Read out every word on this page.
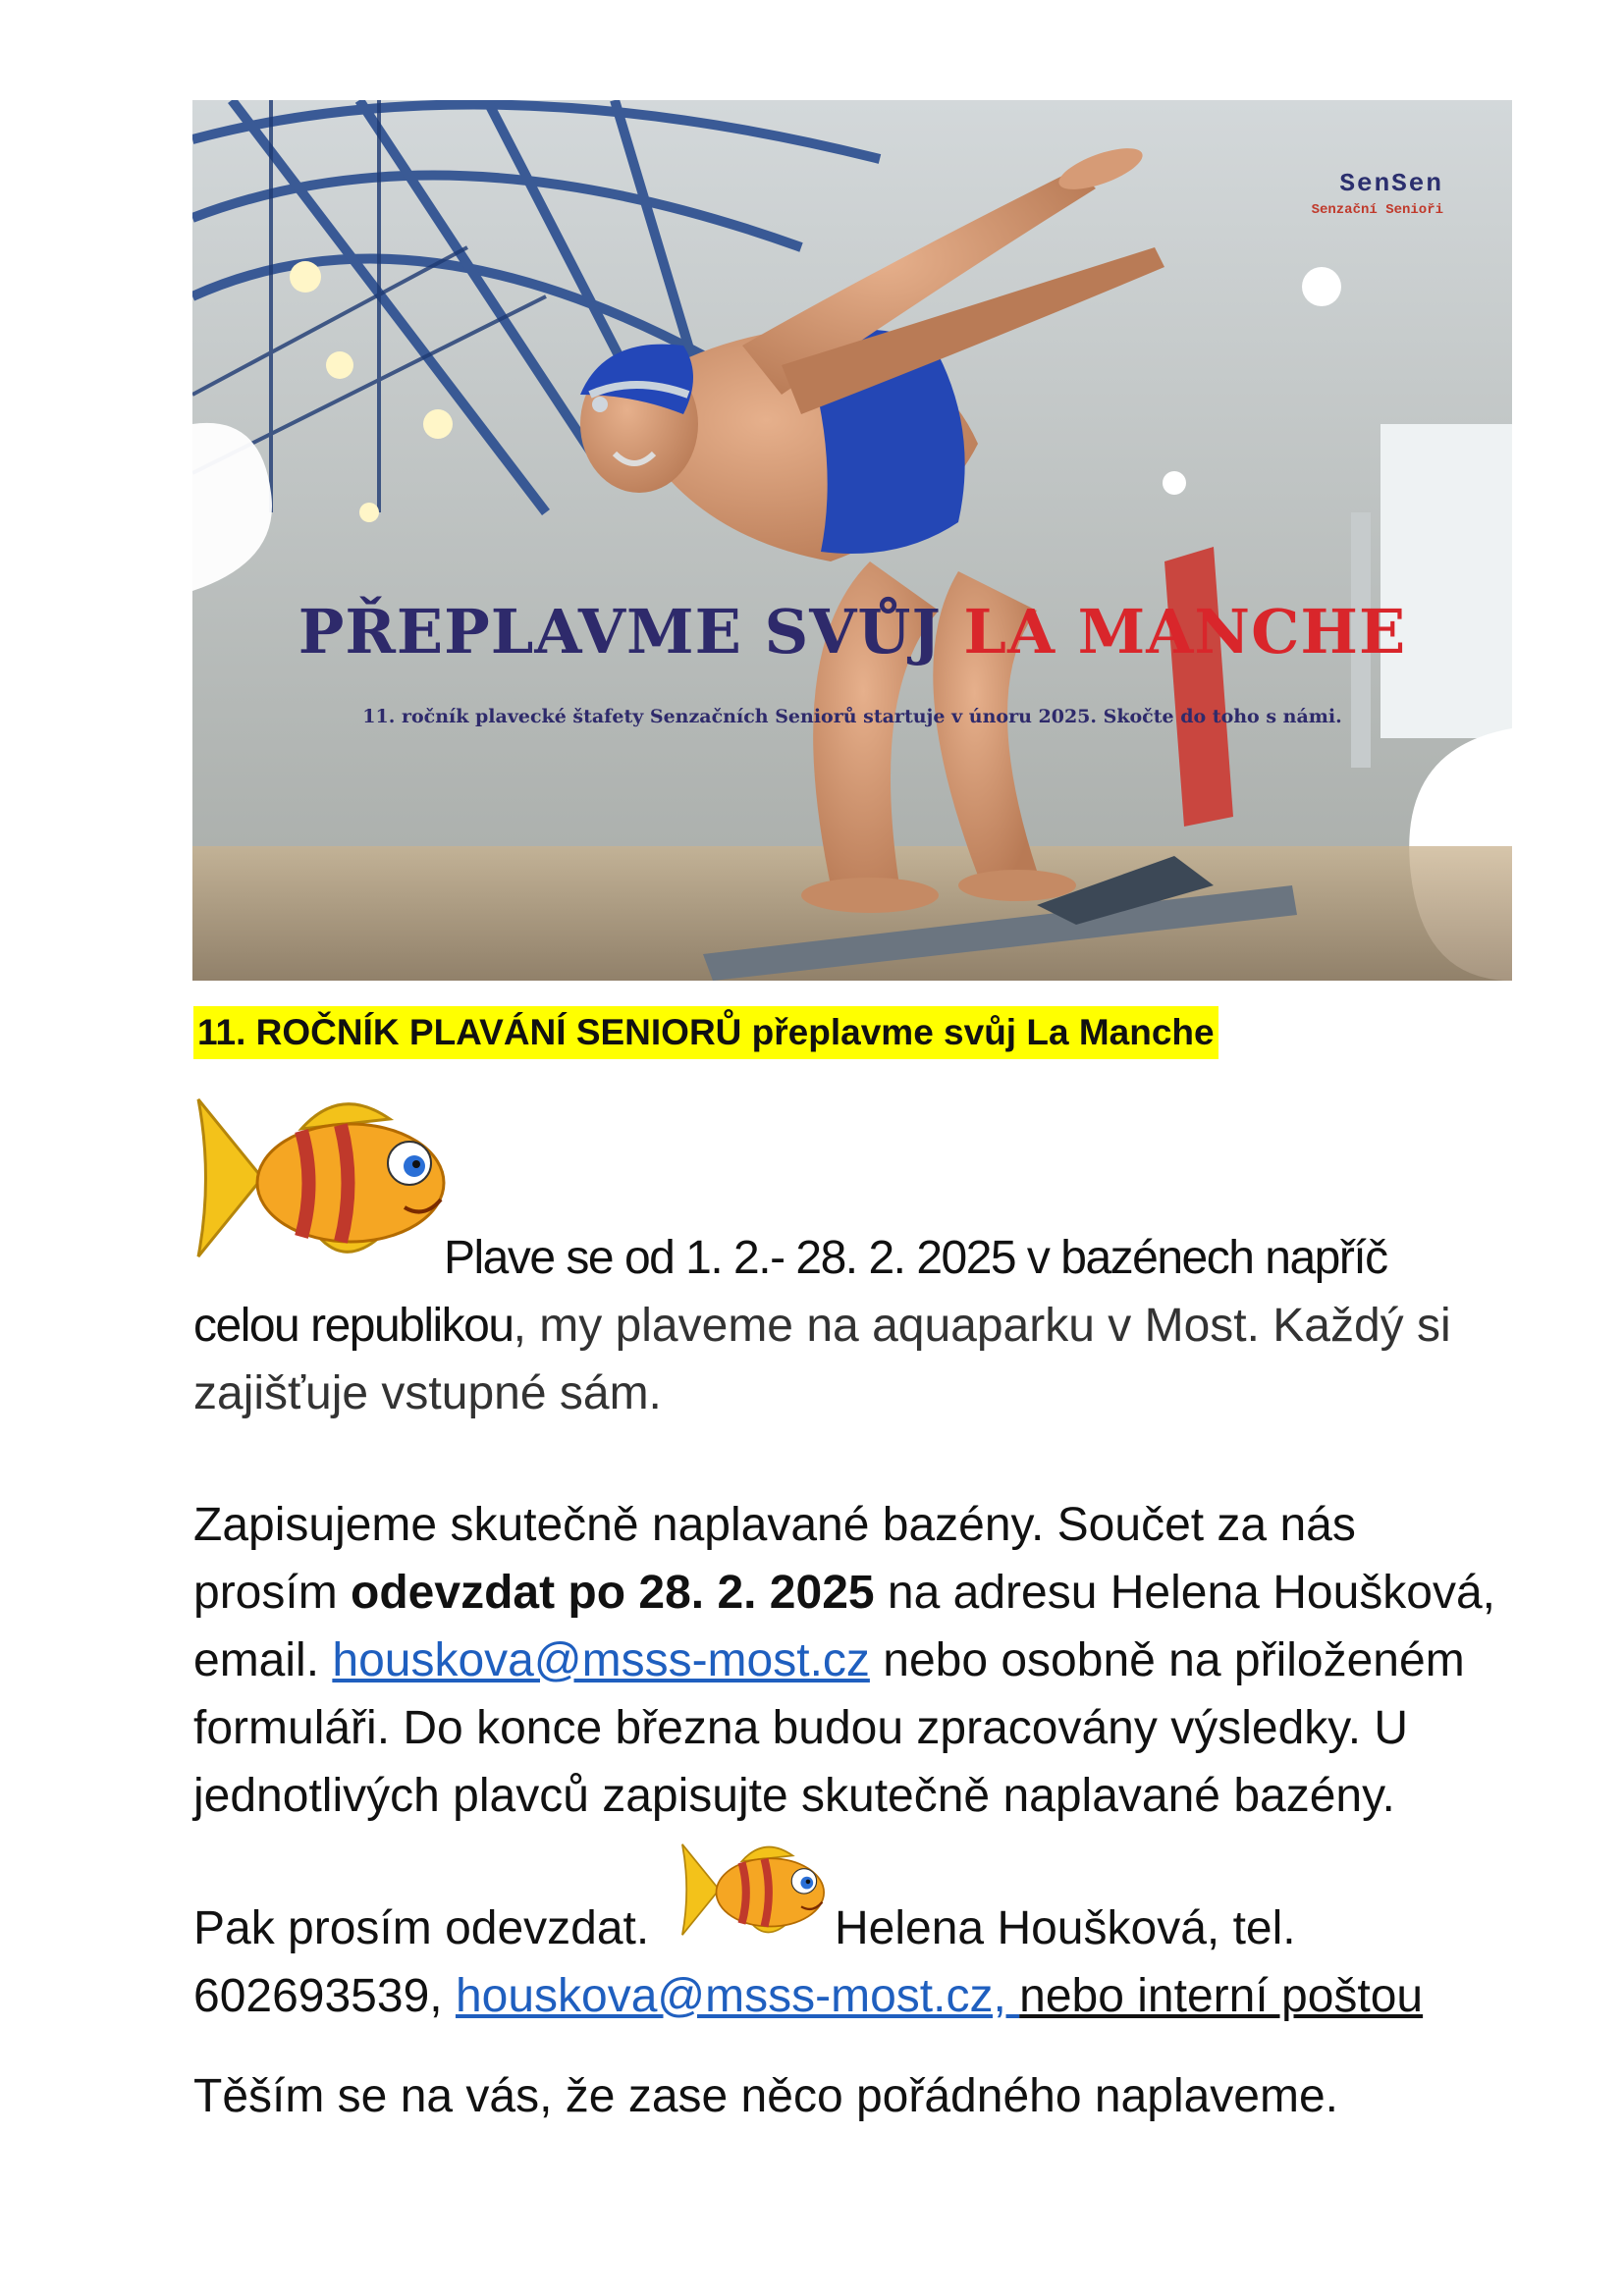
SenSen
Senzační Senioři
PŘEPLAVME SVŮJ LA MANCHE
11. ročník plavecké štafety Senzačních Seniorů startuje v únoru 2025. Skočte do toho s námi.
11. ROČNÍK PLAVÁNÍ SENIORŮ přeplavme svůj La Manche
Plave se od 1. 2.- 28. 2. 2025 v bazénech napříč
celou republikou, my plaveme na aquaparku v Most. Každý si
zajišťuje vstupné sám.
Zapisujeme skutečně naplavané bazény. Součet za nás
prosím odevzdat po 28. 2. 2025 na adresu Helena Houšková,
email. houskova@msss-most.cz nebo osobně na přiloženém
formuláři. Do konce března budou zpracovány výsledky. U
jednotlivých plavců zapisujte skutečně naplavané bazény.
Pak prosím odevzdat.	Helena Houšková, tel.
602693539, houskova@msss-most.cz, nebo interní poštou
Těším se na vás, že zase něco pořádného naplaveme.
